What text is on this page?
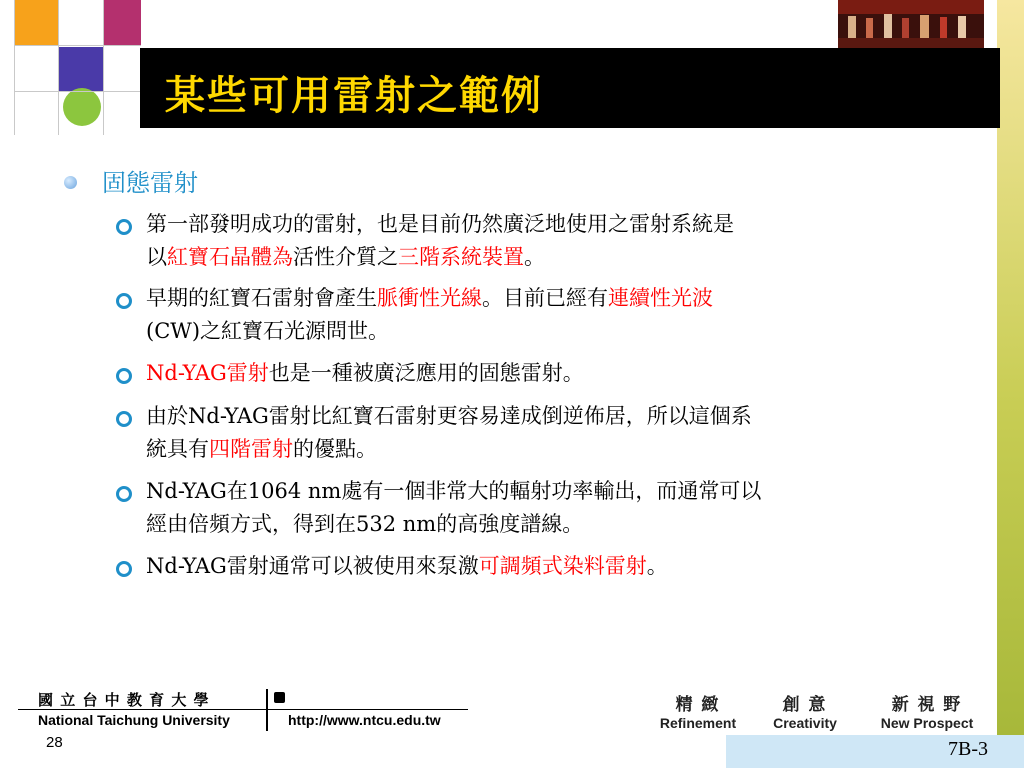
某些可用雷射之範例
固態雷射
第一部發明成功的雷射，也是目前仍然廣泛地使用之雷射系統是
以紅寶石晶體為活性介質之三階系統裝置。
早期的紅寶石雷射會產生脈衝性光線。目前已經有連續性光波
(CW)之紅寶石光源問世。
Nd-YAG雷射也是一種被廣泛應用的固態雷射。
由於Nd-YAG雷射比紅寶石雷射更容易達成倒逆佈居，所以這個系
統具有四階雷射的優點。
Nd-YAG在1064 nm處有一個非常大的輻射功率輸出，而通常可以
經由倍頻方式，得到在532 nm的高強度譜線。
Nd-YAG雷射通常可以被使用來泵激可調頻式染料雷射。
國 立 台 中 教 育 大 學
National Taichung University	http://www.ntcu.edu.tw
精 緻
Refinement
創 意
Creativity
新 視 野
New Prospect
28	7B-3
